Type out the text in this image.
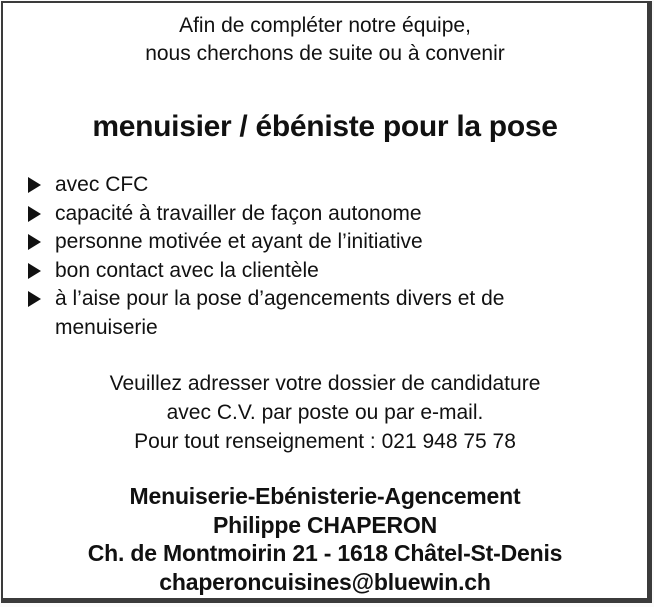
Afin de compléter notre équipe,
nous cherchons de suite ou à convenir

menuisier / ébéniste pour la pose
avec CFC
capacité à travailler de façon autonome
personne motivée et ayant de l’initiative
bon contact avec la clientèle
à l’aise pour la pose d’agencements divers et de menuiserie

Veuillez adresser votre dossier de candidature
avec C.V. par poste ou par e-mail.
Pour tout renseignement : 021 948 75 78

Menuiserie-Ebénisterie-Agencement
Philippe CHAPERON
Ch. de Montmoirin 21 - 1618 Châtel-St-Denis
chaperoncuisines@bluewin.ch
